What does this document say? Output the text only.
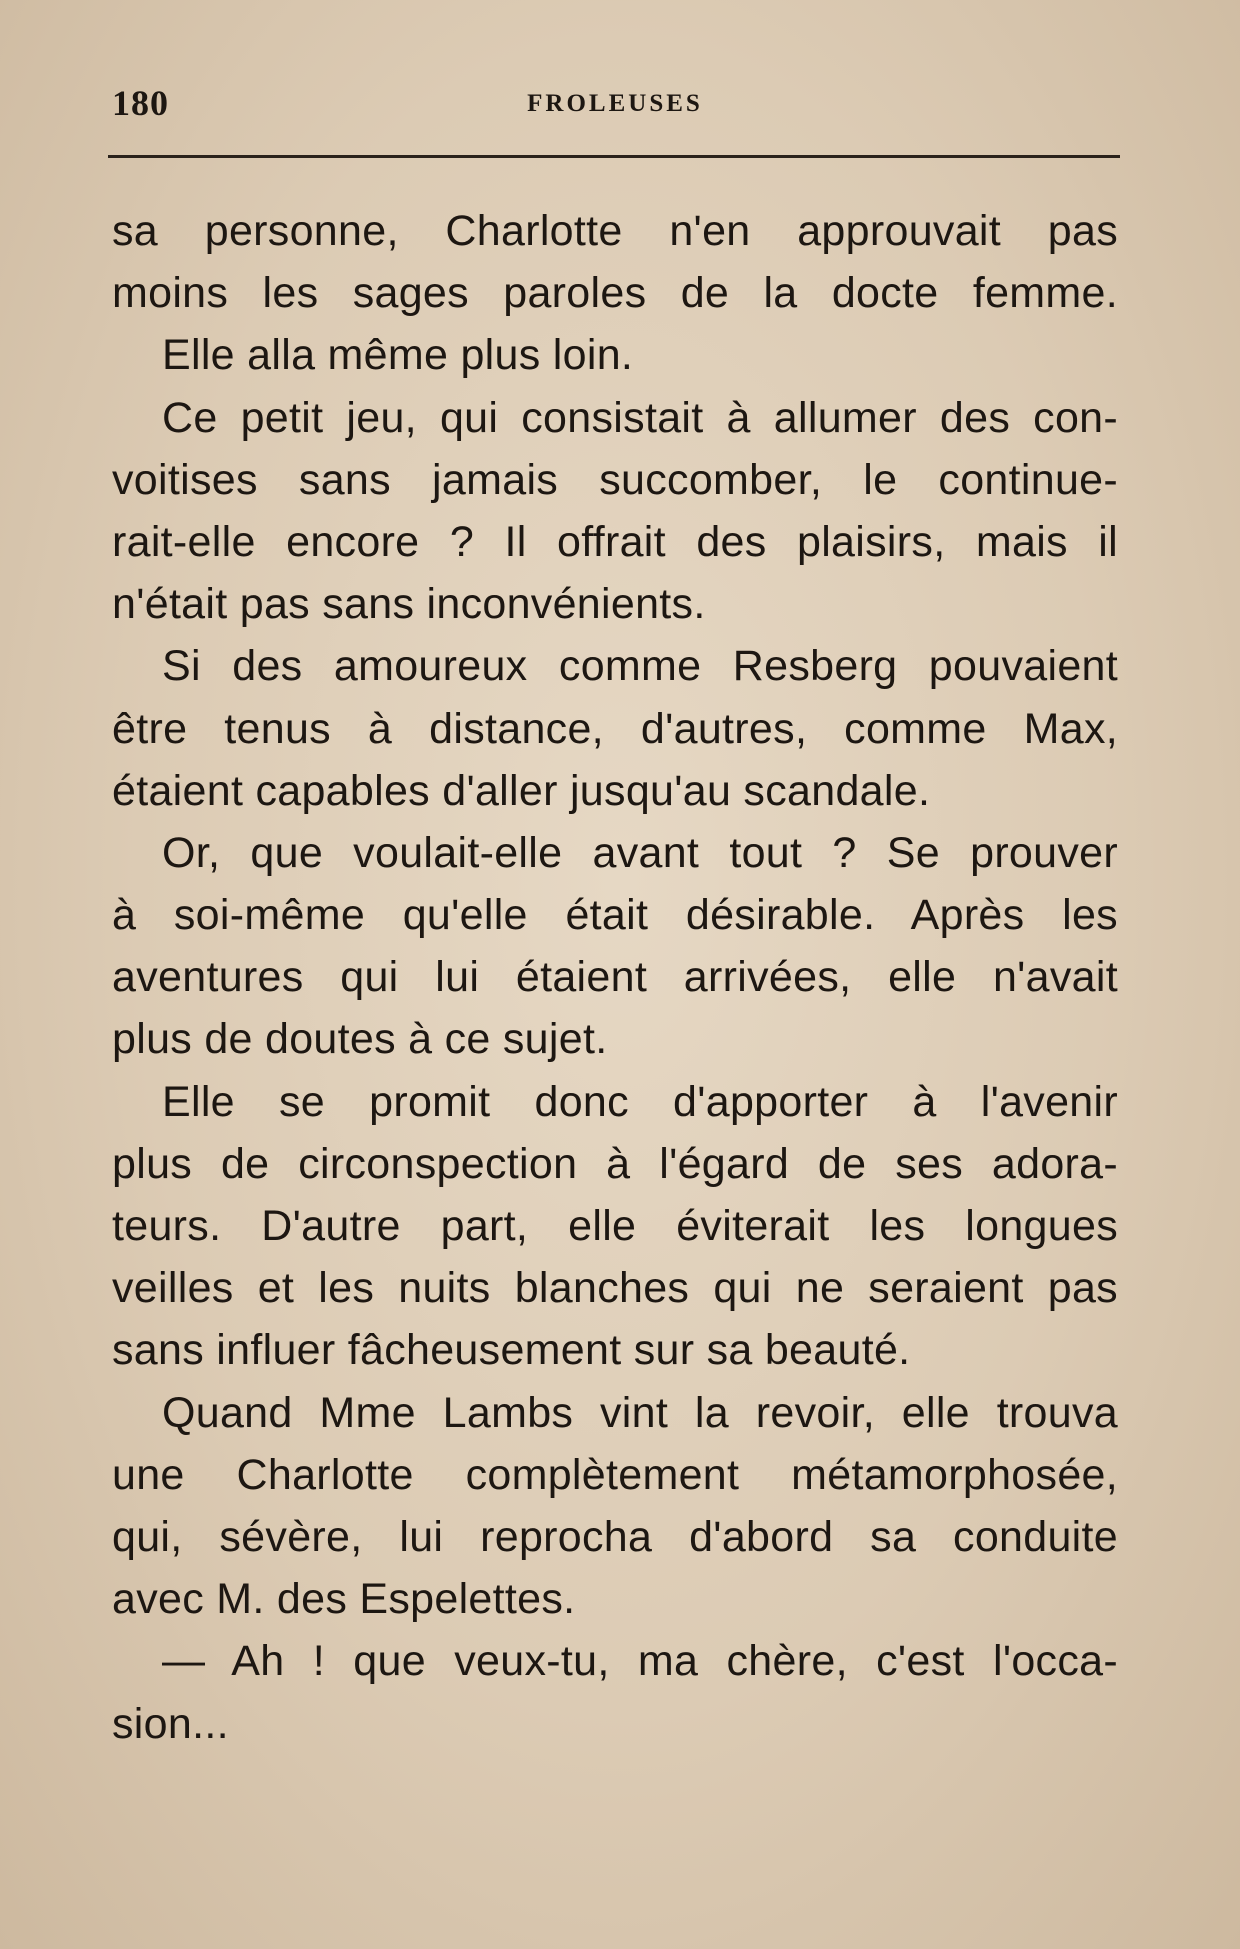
180	FROLEUSES
sa personne, Charlotte n'en approuvait pas
moins les sages paroles de la docte femme.
Elle alla même plus loin.
Ce petit jeu, qui consistait à allumer des con-
voitises sans jamais succomber, le continue-
rait-elle encore ? Il offrait des plaisirs, mais il
n'était pas sans inconvénients.
Si des amoureux comme Resberg pouvaient
être tenus à distance, d'autres, comme Max,
étaient capables d'aller jusqu'au scandale.
Or, que voulait-elle avant tout ? Se prouver
à soi-même qu'elle était désirable. Après les
aventures qui lui étaient arrivées, elle n'avait
plus de doutes à ce sujet.
Elle se promit donc d'apporter à l'avenir
plus de circonspection à l'égard de ses adora-
teurs. D'autre part, elle éviterait les longues
veilles et les nuits blanches qui ne seraient pas
sans influer fâcheusement sur sa beauté.
Quand Mme Lambs vint la revoir, elle trouva
une Charlotte complètement métamorphosée,
qui, sévère, lui reprocha d'abord sa conduite
avec M. des Espelettes.
— Ah ! que veux-tu, ma chère, c'est l'occa-
sion...
